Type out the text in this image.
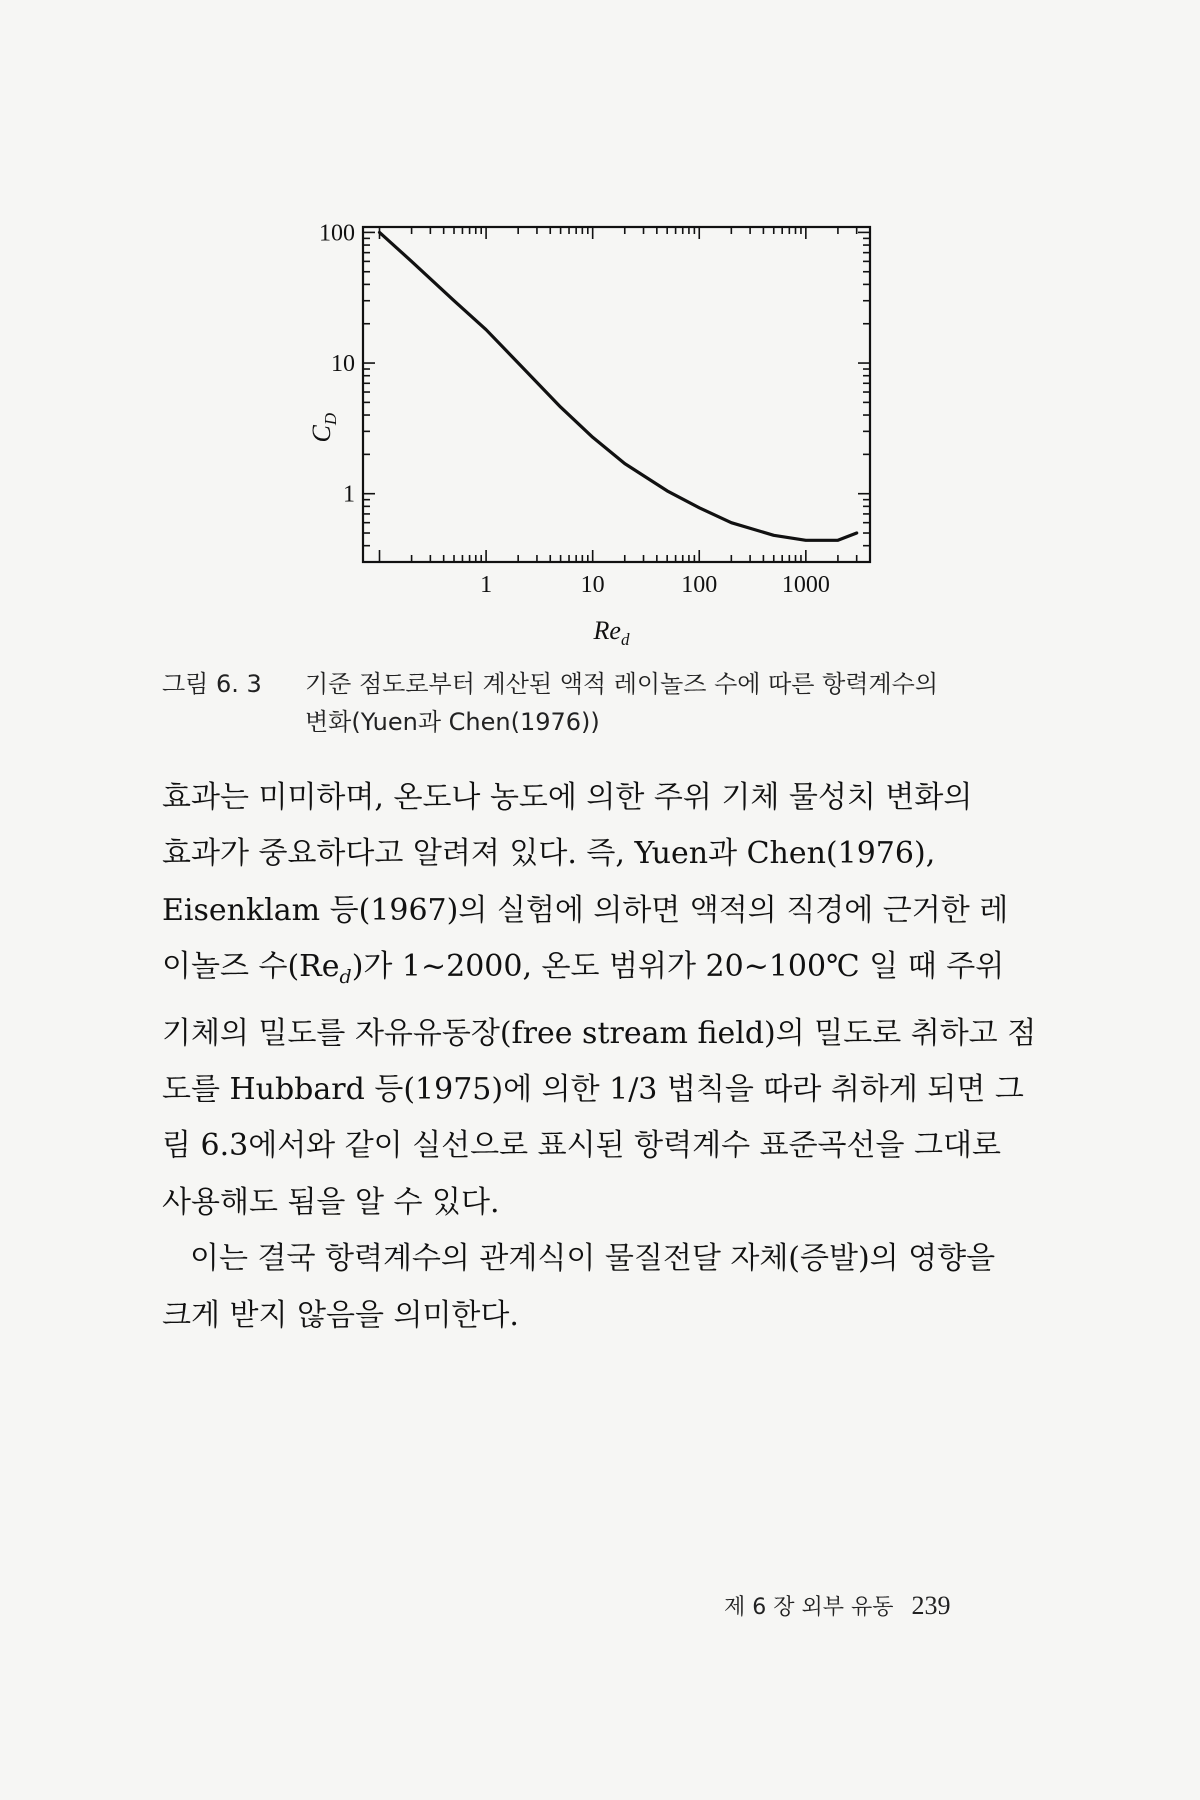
1	10	100	1000
100
10
1
$Re_d$
$C_D$
그림 6. 3 기준 점도로부터 계산된 액적 레이놀즈 수에 따른 항력계수의
변화(Yuen과 Chen(1976))
효과는 미미하며, 온도나 농도에 의한 주위 기체 물성치 변화의
효과가 중요하다고 알려져 있다. 즉, Yuen과 Chen(1976),
Eisenklam 등(1967)의 실험에 의하면 액적의 직경에 근거한 레
이놀즈 수$(Re_d)$가 1~2000, 온도 범위가 20~100℃ 일 때 주위
기체의 밀도를 자유유동장(free stream field)의 밀도로 취하고 점
도를 Hubbard 등(1975)에 의한 1/3 법칙을 따라 취하게 되면 그
림 6.3에서와 같이 실선으로 표시된 항력계수 표준곡선을 그대로
사용해도 됨을 알 수 있다.
이는 결국 항력계수의 관계식이 물질전달 자체(증발)의 영향을
크게 받지 않음을 의미한다.
제 6 장 외부 유동 239
